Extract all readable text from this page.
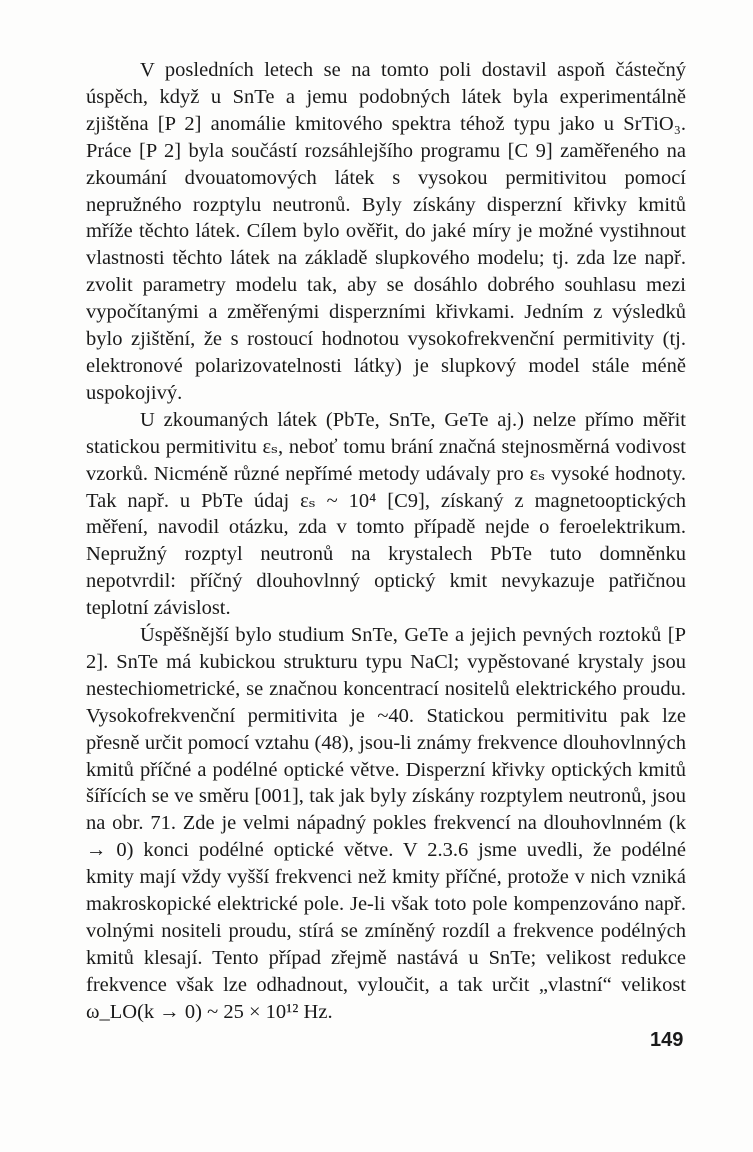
V posledních letech se na tomto poli dostavil aspoň částečný úspěch, když u SnTe a jemu podobných látek byla experimentálně zjištěna [P 2] anomálie kmitového spektra téhož typu jako u SrTiO₃. Práce [P 2] byla součástí rozsáhlejšího programu [C 9] zaměřeného na zkoumání dvouatomových látek s vysokou permitivitou pomocí nepružného rozptylu neutronů. Byly získány disperzní křivky kmitů mříže těchto látek. Cílem bylo ověřit, do jaké míry je možné vystihnout vlastnosti těchto látek na základě slupkového modelu; tj. zda lze např. zvolit parametry modelu tak, aby se dosáhlo dobrého souhlasu mezi vypočítanými a změřenými disperzními křivkami. Jedním z výsledků bylo zjištění, že s rostoucí hodnotou vysokofrekvenční permitivity (tj. elektronové polarizovatelnosti látky) je slupkový model stále méně uspokojivý.

U zkoumaných látek (PbTe, SnTe, GeTe aj.) nelze přímo měřit statickou permitivitu εₛ, neboť tomu brání značná stejnosměrná vodivost vzorků. Nicméně různé nepřímé metody udávaly pro εₛ vysoké hodnoty. Tak např. u PbTe údaj εₛ ~ 10⁴ [C9], získaný z magnetooptických měření, navodil otázku, zda v tomto případě nejde o feroelektrikum. Nepružný rozptyl neutronů na krystalech PbTe tuto domněnku nepotvrdil: příčný dlouhovlnný optický kmit nevykazuje patřičnou teplotní závislost.

Úspěšnější bylo studium SnTe, GeTe a jejich pevných roztoků [P 2]. SnTe má kubickou strukturu typu NaCl; vypěstované krystaly jsou nestechiometrické, se značnou koncentrací nositelů elektrického proudu. Vysokofrekvenční permitivita je ~40. Statickou permitivitu pak lze přesně určit pomocí vztahu (48), jsou-li známy frekvence dlouhovlnných kmitů příčné a podélné optické větve. Disperzní křivky optických kmitů šířících se ve směru [001], tak jak byly získány rozptylem neutronů, jsou na obr. 71. Zde je velmi nápadný pokles frekvencí na dlouhovlnném (k → 0) konci podélné optické větve. V 2.3.6 jsme uvedli, že podélné kmity mají vždy vyšší frekvenci než kmity příčné, protože v nich vzniká makroskopické elektrické pole. Je-li však toto pole kompenzováno např. volnými nositeli proudu, stírá se zmíněný rozdíl a frekvence podélných kmitů klesají. Tento případ zřejmě nastává u SnTe; velikost redukce frekvence však lze odhadnout, vyloučit, a tak určit „vlastní“ velikost ω_LO(k → 0) ~ 25 × 10¹² Hz.

149
